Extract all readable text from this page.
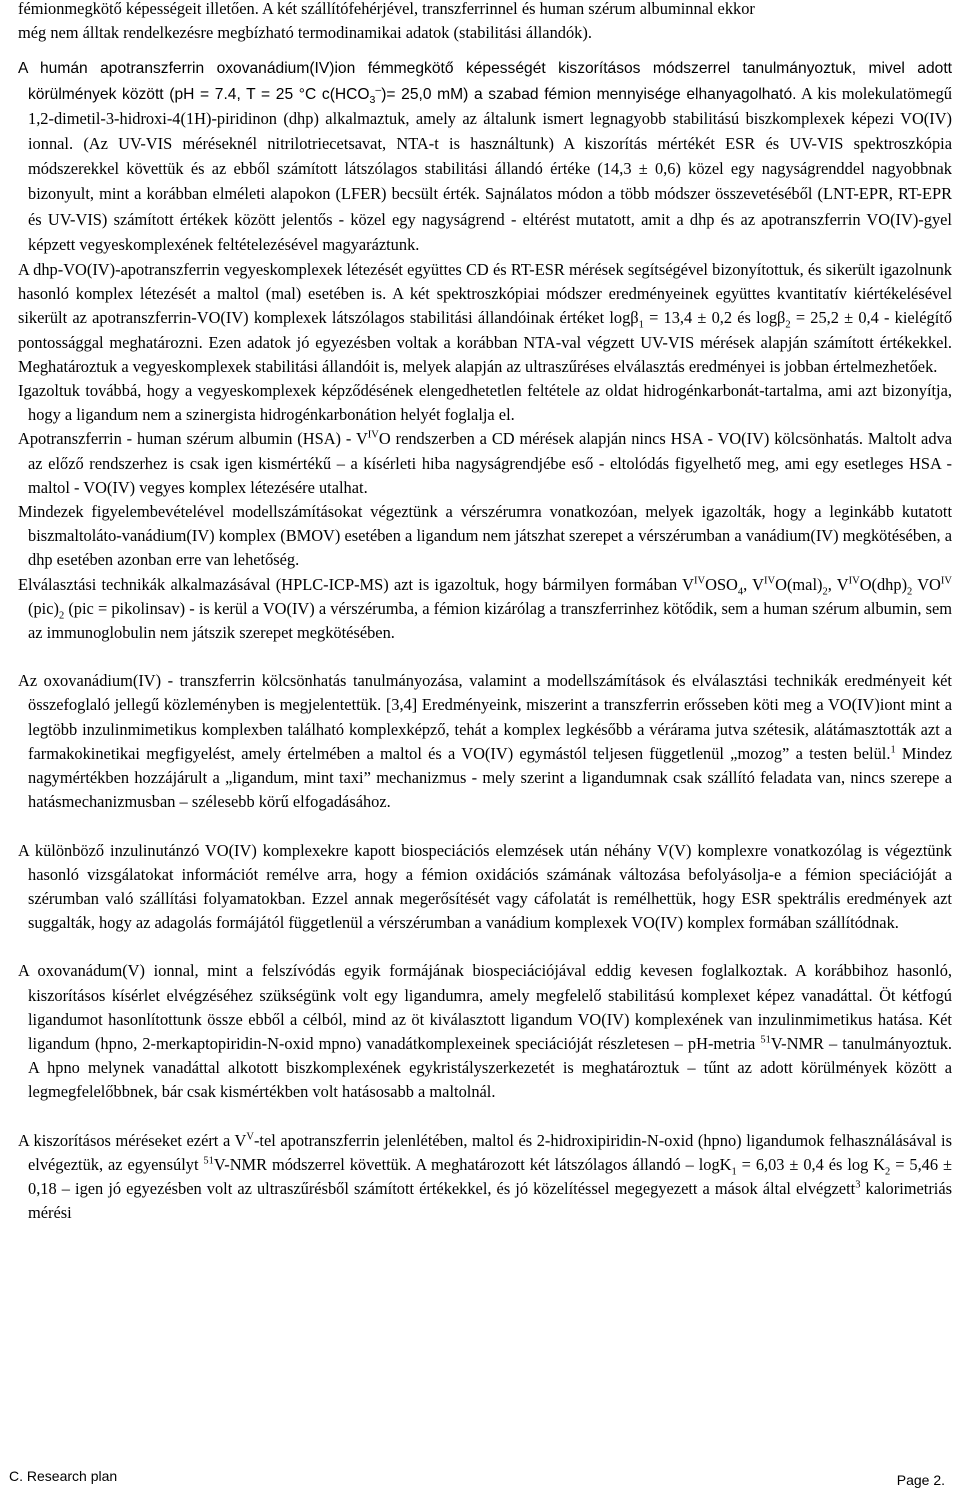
fémionmegkötő képességeit illetően. A két szállítófehérjével, transzferrinnel és human szérum albuminnal ekkor
még nem álltak rendelkezésre megbízható termodinamikai adatok (stabilitási állandók).
A humán apotranszferrin oxovanádium(IV)ion fémmegkötő képességét kiszorításos módszerrel tanulmányoztuk, mivel adott körülmények között (pH = 7.4, T = 25 °C $c(HCO_3^-)= 25,0$ mM) a szabad fémion mennyisége elhanyagolható. A kis molekulatömegű 1,2-dimetil-3-hidroxi-4(1H)-piridinon (dhp) alkalmaztuk, amely az általunk ismert legnagyobb stabilitású biszkomplexek képezi VO(IV) ionnal. (Az UV-VIS méréseknél nitrilotriecetsavat, NTA-t is használtunk) A kiszorítás mértékét ESR és UV-VIS spektroszkópia módszerekkel követtük és az ebből számított látszólagos stabilitási állandó értéke (14,3 ± 0,6) közel egy nagyságrenddel nagyobbnak bizonyult, mint a korábban elméleti alapokon (LFER) becsült érték. Sajnálatos módon a több módszer összevetéséből (LNT-EPR, RT-EPR és UV-VIS) számított értékek között jelentős - közel egy nagyságrend - eltérést mutatott, amit a dhp és az apotranszferrin VO(IV)-gyel képzett vegyeskomplexének feltételezésével magyaráztunk.
A dhp-VO(IV)-apotranszferrin vegyeskomplexek létezését együttes CD és RT-ESR mérések segítségével bizonyítottuk, és sikerült igazolnunk hasonló komplex létezését a maltol (mal) esetében is. A két spektroszkópiai módszer eredményeinek együttes kvantitatív kiértékelésével sikerült az apotranszferrin-VO(IV) komplexek látszólagos stabilitási állandóinak értéket logβ$_1$ = 13,4 ± 0,2 és logβ$_2$ = 25,2 ± 0,4 - kielégítő pontossággal meghatározni. Ezen adatok jó egyezésben voltak a korábban NTA-val végzett UV-VIS mérések alapján számított értékekkel. Meghatároztuk a vegyeskomplexek stabilitási állandóit is, melyek alapján az ultraszűréses elválasztás eredményei is jobban értelmezhetőek.
Igazoltuk továbbá, hogy a vegyeskomplexek képződésének elengedhetetlen feltétele az oldat hidrogénkarbonát-tartalma, ami azt bizonyítja, hogy a ligandum nem a szinergista hidrogénkarbonátion helyét foglalja el.
Apotranszferrin - human szérum albumin $(HSA) - V^{IV}O$ rendszerben a CD mérések alapján nincs HSA - VO(IV) kölcsönhatás. Maltolt adva az előző rendszerhez is csak igen kismértékű – a kísérleti hiba nagyságrendjébe eső - eltolódás figyelhető meg, ami egy esetleges HSA - maltol - VO(IV) vegyes komplex létezésére utalhat.
Mindezek figyelembevételével modellszámításokat végeztünk a vérszérumra vonatkozóan, melyek igazolták, hogy a leginkább kutatott biszmaltoláto-vanádium(IV) komplex (BMOV) esetében a ligandum nem játszhat szerepet a vérszérumban a vanádium(IV) megkötésében, a dhp esetében azonban erre van lehetőség.
Elválasztási technikák alkalmazásával (HPLC-ICP-MS) azt is igazoltuk, hogy bármilyen formában $V^{IV}OSO_4$, $V^{IV}O(mal)_2$, $V^{IV}O(dhp)_2$ $VO^{IV}$ $(pic)_2$ (pic = pikolinsav) - is kerül a VO(IV) a vérszérumba, a fémion kizárólag a transzferrinhez kötődik, sem a human szérum albumin, sem az immunoglobulin nem játszik szerepet megkötésében.
Az oxovanádium(IV) - transzferrin kölcsönhatás tanulmányozása, valamint a modellszámítások és elválasztási technikák eredményeit két összefoglaló jellegű közleményben is megjelentettük. [3,4] Eredményeink, miszerint a transzferrin erősseben köti meg a VO(IV)iont mint a legtöbb inzulinmimetikus komplexben található komplexképző, tehát a komplex legkésőbb a vérárama jutva szétesik, alátámasztották azt a farmakokinetikai megfigyelést, amely értelmében a maltol és a VO(IV) egymástól teljesen függetlenül „mozog” a testen belül.$^1$ Mindez nagymértékben hozzájárult a „ligandum, mint taxi” mechanizmus - mely szerint a ligandumnak csak szállító feladata van, nincs szerepe a hatásmechanizmusban – szélesebb körű elfogadásához.
A különböző inzulinutánzó VO(IV) komplexekre kapott biospeciációs elemzések után néhány V(V) komplexre vonatkozólag is végeztünk hasonló vizsgálatokat információt remélve arra, hogy a fémion oxidációs számának változása befolyásolja-e a fémion speciációját a szérumban való szállítási folyamatokban. Ezzel annak megerősítését vagy cáfolatát is remélhettük, hogy ESR spektrális eredmények azt suggalták, hogy az adagolás formájától függetlenül a vérszérumban a vanádium komplexek VO(IV) komplex formában szállítódnak.
A oxovanádum(V) ionnal, mint a felszívódás egyik formájának biospeciációjával eddig kevesen foglalkoztak. A korábbihoz hasonló, kiszorításos kísérlet elvégzéséhez szükségünk volt egy ligandumra, amely megfelelő stabilitású komplexet képez vanadáttal. Öt kétfogú ligandumot hasonlítottunk össze ebből a célból, mind az öt kiválasztott ligandum VO(IV) komplexének van inzulinmimetikus hatása. Két ligandum (hpno, 2-merkaptopiridin-N-oxid mpno) vanadátkomplexeinek speciációját részletesen – pH-metria $^{51}$V-NMR – tanulmányoztuk. A hpno melynek vanadáttal alkotott biszkomplexének egykristályszerkezetét is meghatároztuk – tűnt az adott körülmények között a legmegfelelőbbnek, bár csak kismértékben volt hatásosabb a maltolnál.
A kiszorításos méréseket ezért a $V^V$-tel apotranszferrin jelenlétében, maltol és 2-hidroxipiridin-N-oxid (hpno) ligandumok felhasználásával is elvégeztük, az egyensúlyt $^{51}$V-NMR módszerrel követtük. A meghatározott két látszólagos állandó – logK$_1$ = 6,03 ± 0,4 és $\log K_2 = 5,46 \pm 0,18$ – igen jó egyezésben volt az ultraszűrésből számított értékekkel, és jó közelítéssel megegyezett a mások által elvégzett$^3$ kalorimetriás mérési
C. Research plan	Page 2.
